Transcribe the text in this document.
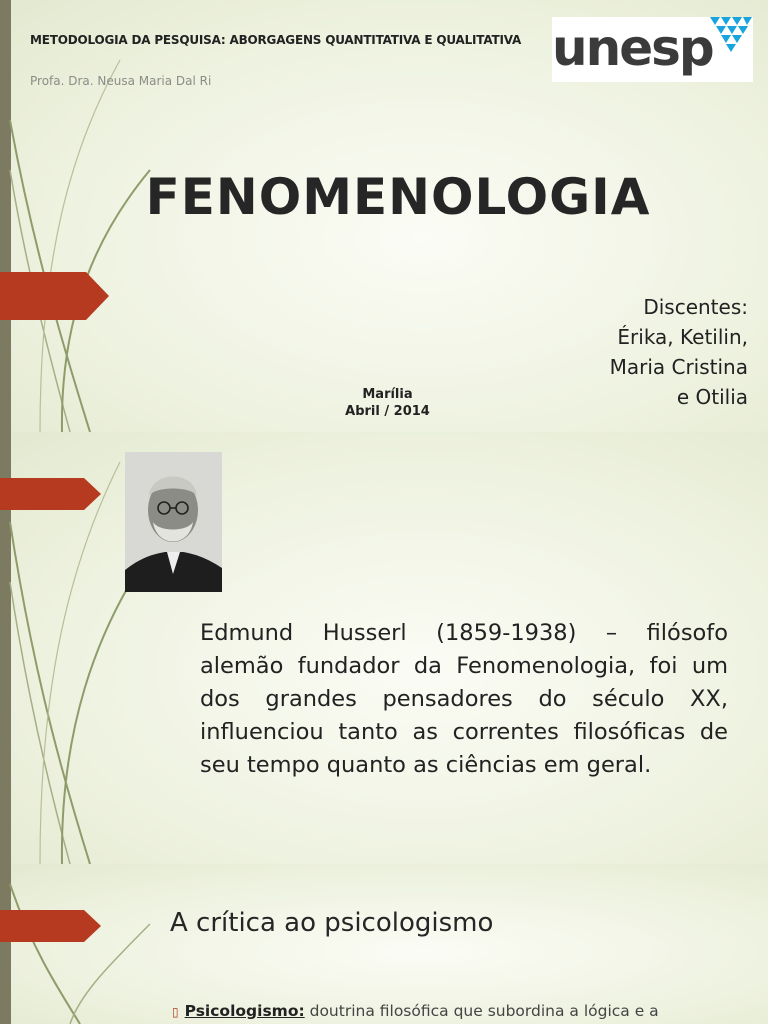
METODOLOGIA DA PESQUISA: ABORGAGENS QUANTITATIVA E QUALITATIVA
Profa. Dra. Neusa Maria Dal Ri
unesp
FENOMENOLOGIA
Discentes:
Érika, Ketilin,
Maria Cristina
e Otilia
Marília
Abril / 2014
Edmund Husserl (1859-1938) – filósofo alemão fundador da Fenomenologia, foi um dos grandes pensadores do século XX, influenciou tanto as correntes filosóficas de seu tempo quanto as ciências em geral.
A crítica ao psicologismo
▯ Psicologismo: doutrina filosófica que subordina a lógica e a
